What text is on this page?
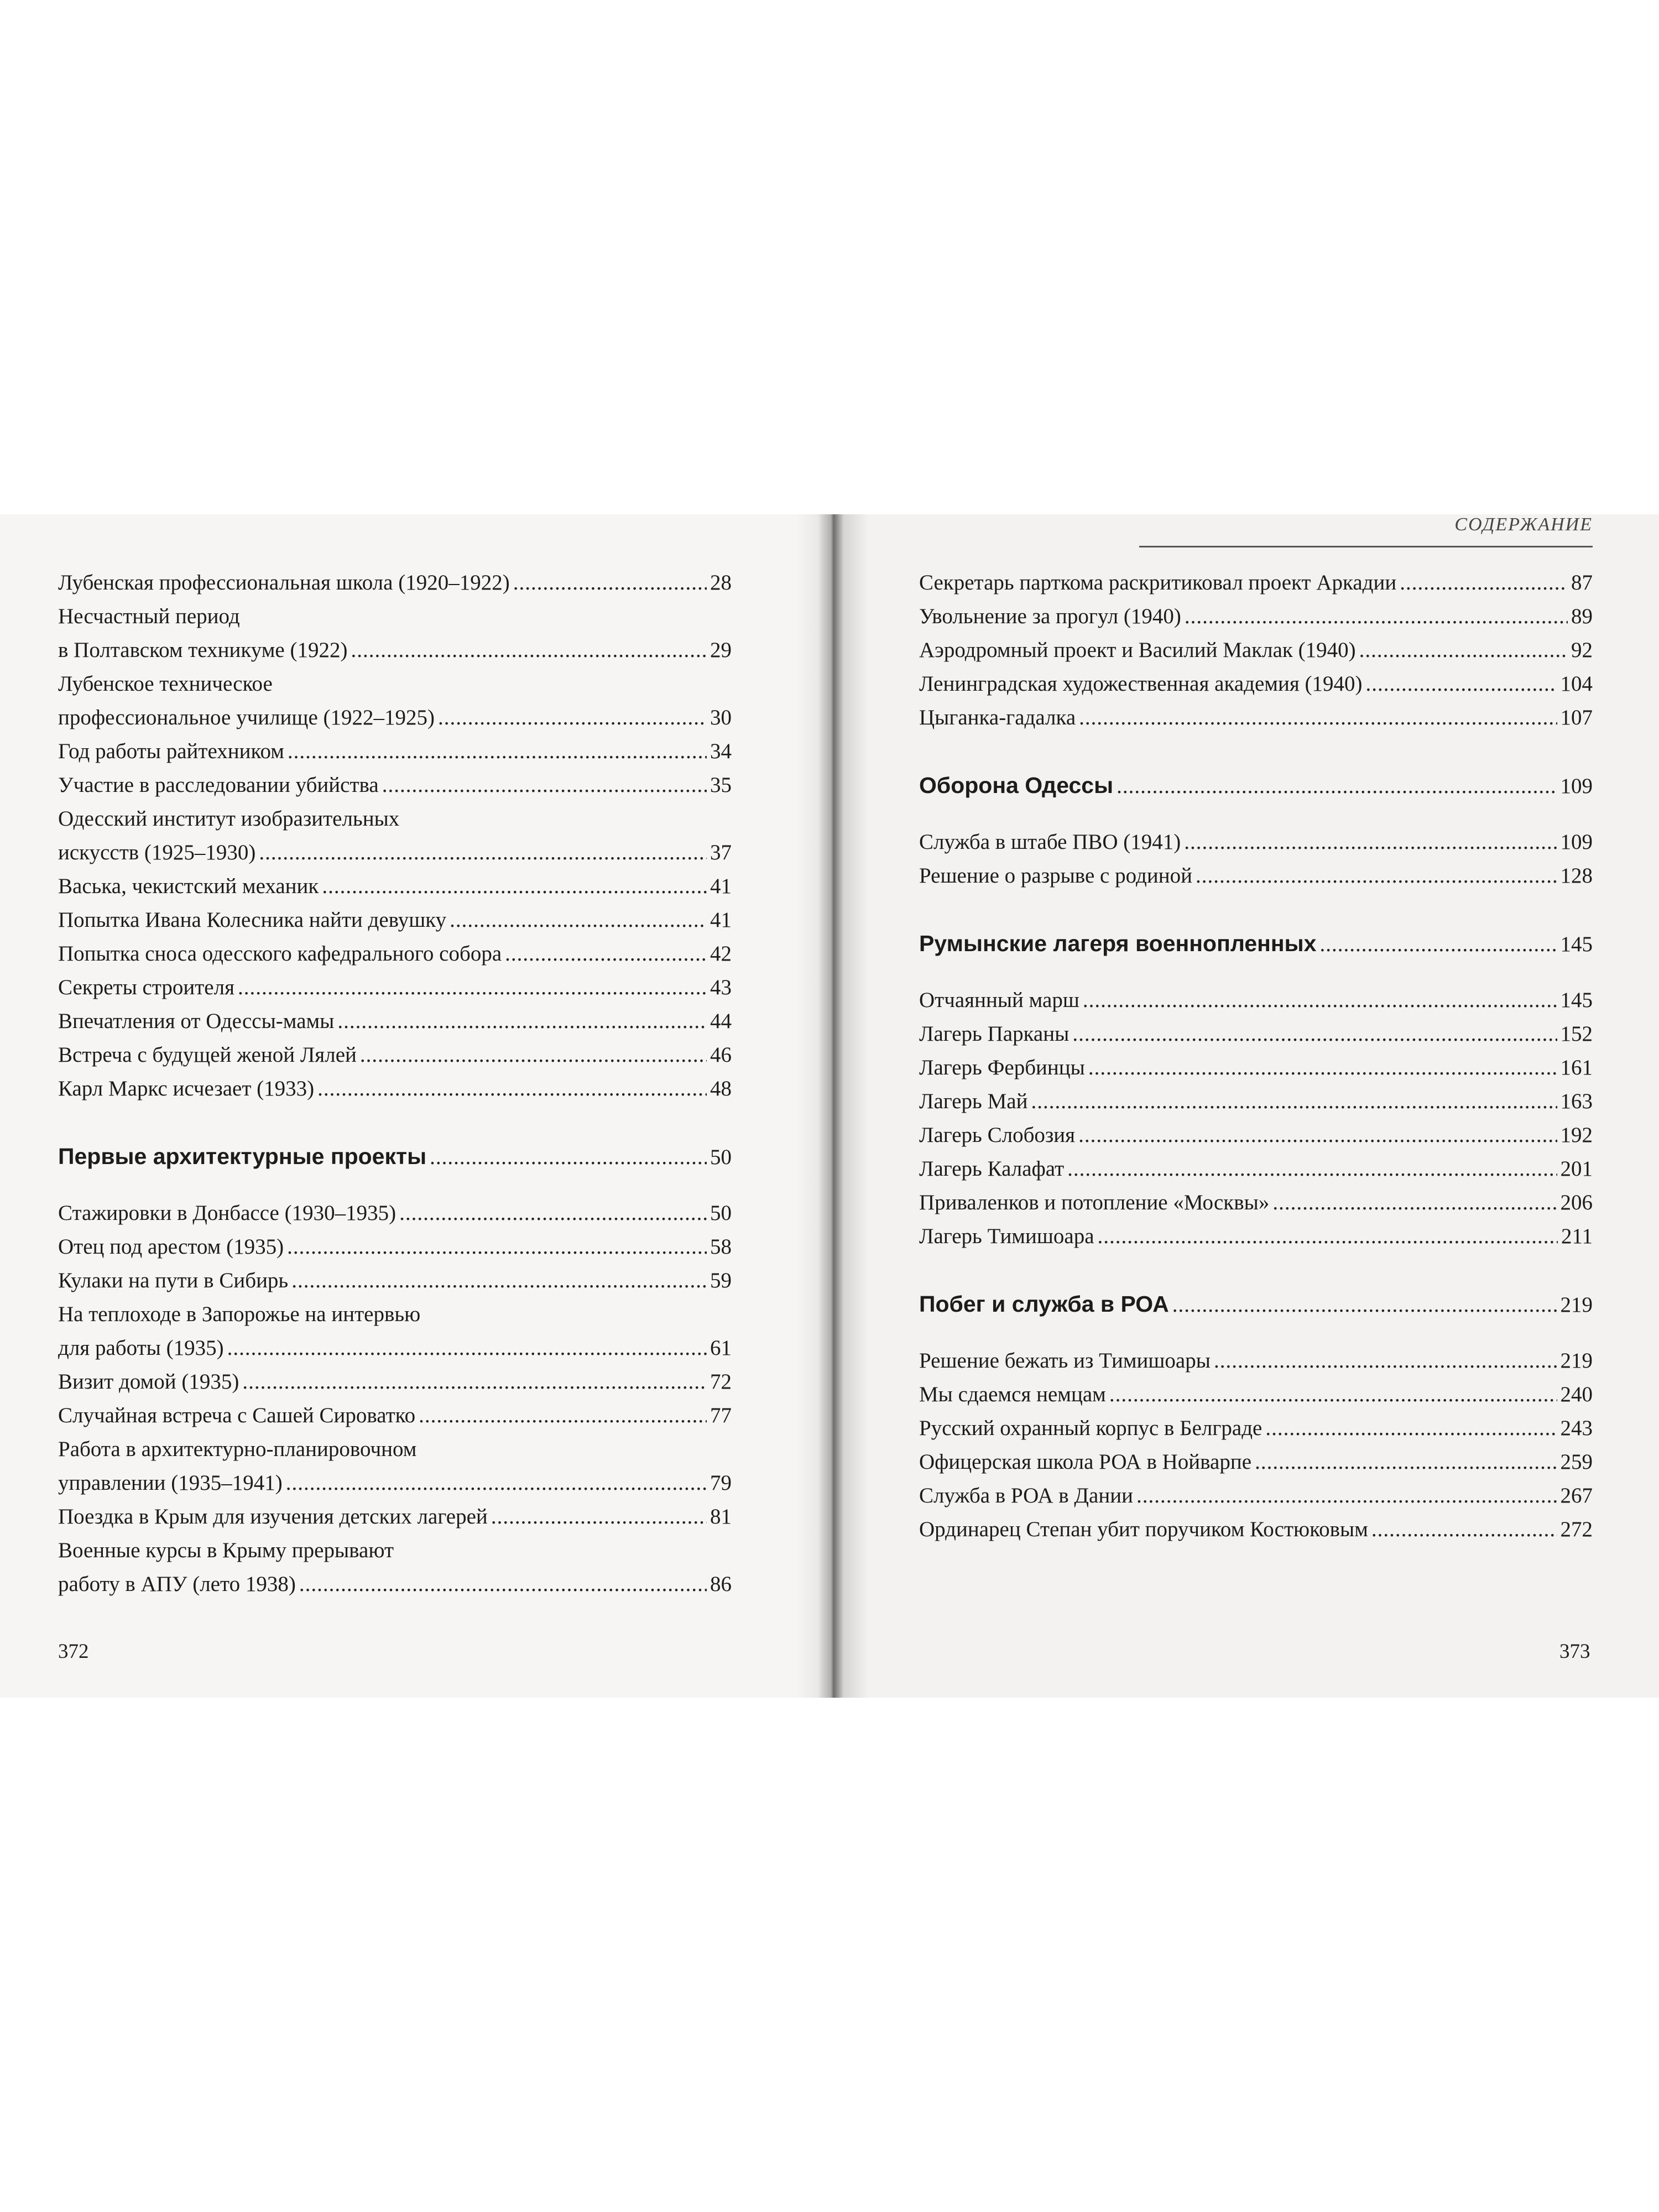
Лубенская профессиональная школа (1920–1922) .....	28
Несчастный период
в Полтавском техникуме (1922) .....	29
Лубенское техническое
профессиональное училище (1922–1925) .....	30
Год работы райтехником .....	34
Участие в расследовании убийства .....	35
Одесский институт изобразительных
искусств (1925–1930) .....	37
Васька, чекистский механик .....	41
Попытка Ивана Колесника найти девушку .....	41
Попытка сноса одесского кафедрального собора .....	42
Секреты строителя .....	43
Впечатления от Одессы-мамы .....	44
Встреча с будущей женой Лялей .....	46
Карл Маркс исчезает (1933) .....	48
Первые архитектурные проекты .....	50
Стажировки в Донбассе (1930–1935) .....	50
Отец под арестом (1935) .....	58
Кулаки на пути в Сибирь .....	59
На теплоходе в Запорожье на интервью
для работы (1935) .....	61
Визит домой (1935) .....	72
Случайная встреча с Сашей Сироватко .....	77
Работа в архитектурно-планировочном
управлении (1935–1941) .....	79
Поездка в Крым для изучения детских лагерей .....	81
Военные курсы в Крыму прерывают
работу в АПУ (лето 1938) .....	86
372
СОДЕРЖАНИЕ
Секретарь парткома раскритиковал проект Аркадии .....	87
Увольнение за прогул (1940) .....	89
Аэродромный проект и Василий Маклак (1940) .....	92
Ленинградская художественная академия (1940) .....	104
Цыганка-гадалка .....	107
Оборона Одессы .....	109
Служба в штабе ПВО (1941) .....	109
Решение о разрыве с родиной .....	128
Румынские лагеря военнопленных .....	145
Отчаянный марш .....	145
Лагерь Парканы .....	152
Лагерь Фербинцы .....	161
Лагерь Май .....	163
Лагерь Слобозия .....	192
Лагерь Калафат .....	201
Приваленков и потопление «Москвы» .....	206
Лагерь Тимишоара .....	211
Побег и служба в РОА .....	219
Решение бежать из Тимишоары .....	219
Мы сдаемся немцам .....	240
Русский охранный корпус в Белграде .....	243
Офицерская школа РОА в Нойварпе .....	259
Служба в РОА в Дании .....	267
Ординарец Степан убит поручиком Костюковым .....	272
373
